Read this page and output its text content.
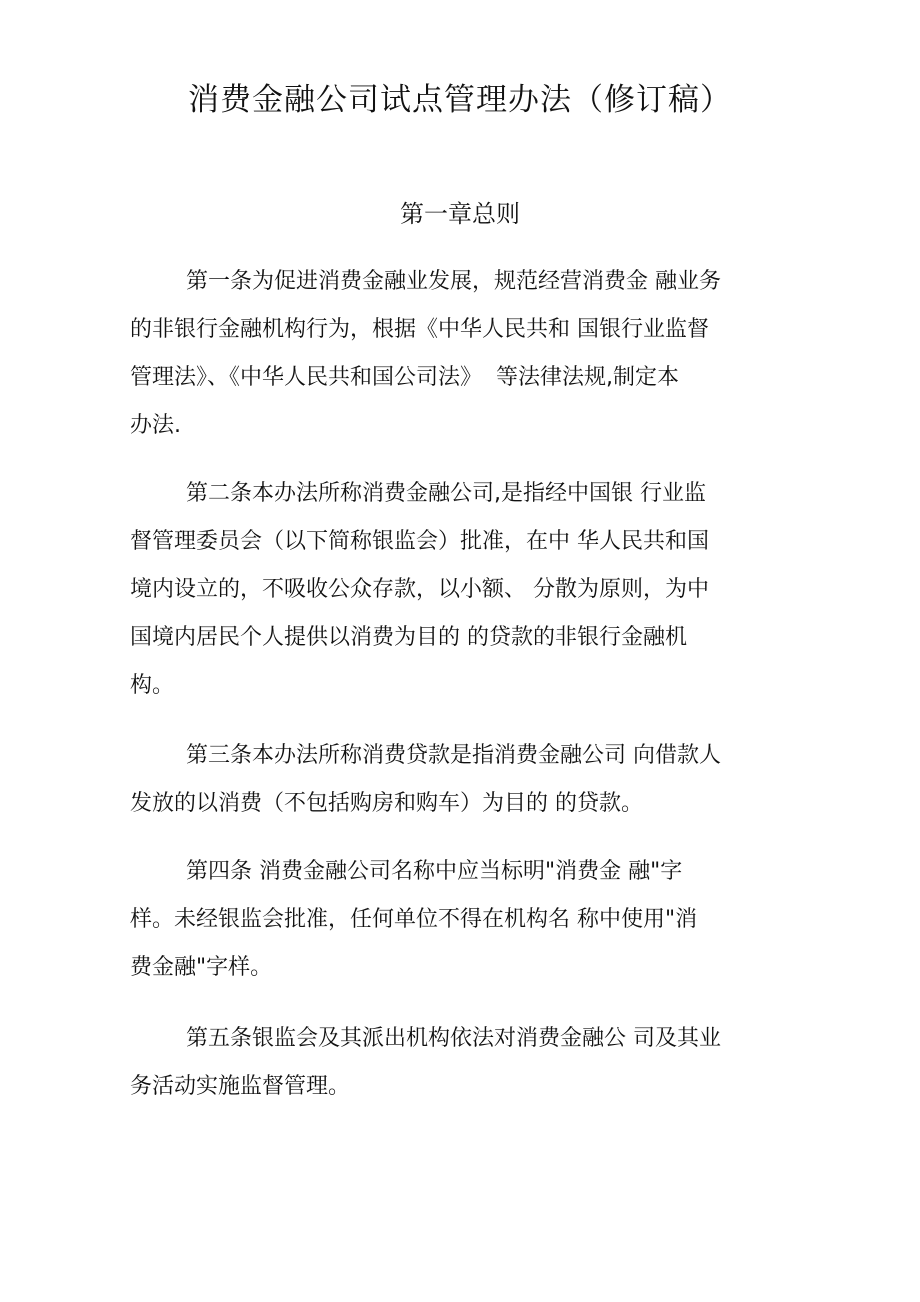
消费金融公司试点管理办法（修订稿）
第一章总则
第一条为促进消费金融业发展，规范经营消费金 融业务
的非银行金融机构行为，根据《中华人民共和 国银行业监督
管理法》、《中华人民共和国公司法》  等法律法规,制定本
办法.
第二条本办法所称消费金融公司,是指经中国银 行业监
督管理委员会（以下简称银监会）批准，在中 华人民共和国
境内设立的，不吸收公众存款，以小额、 分散为原则，为中
国境内居民个人提供以消费为目的 的贷款的非银行金融机
构。
第三条本办法所称消费贷款是指消费金融公司 向借款人
发放的以消费（不包括购房和购车）为目的 的贷款。
第四条 消费金融公司名称中应当标明"消费金 融"字
样。未经银监会批准，任何单位不得在机构名 称中使用"消
费金融"字样。
第五条银监会及其派出机构依法对消费金融公 司及其业
务活动实施监督管理。
